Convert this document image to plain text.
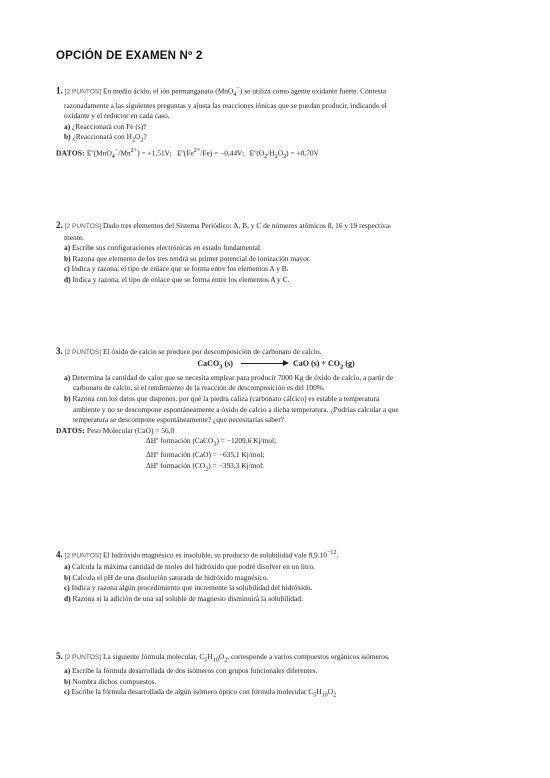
OPCIÓN DE EXAMEN Nº 2

1. [2 PUNTOS] En medio ácido, el ión permanganato (MnO$_4$−) se utiliza como agente oxidante fuerte. Contesta

razonadamente a las siguientes preguntas y ajusta las reacciones iónicas que se puedan producir, indicando el

oxidante y el reductor en cada caso.

a) ¿Reaccionará con Fe (s)?

b) ¿Reaccionará con $H_2O_2$?

DATOS: $Eº(MnO_4^-/Mn^{2+}) = +1,51V$; $Eº(Fe^{2+}/Fe) = -0,44V$; $Eº(O_2/H_2O_2) = +0,70V$

2. [2 PUNTOS] Dado tres elementos del Sistema Periódico: A, B, y C de números atómicos 8, 16 y 19 respectiva-

mente.

a) Escribe sus configuraciones electrónicas en estado fundamental.

b) Razona que elemento de los tres tendrá su primer potencial de ionización mayor.

c) Indica y razona, el tipo de enlace que se forma entre los elementos A y B.

d) Indica y razona, el tipo de enlace que se forma entre los elementos A y C.

3. [2 PUNTOS] El óxido de calcio se produce por descomposición de carbonato de calcio.

CaCO$_3$ (s)	CaO $(s) + CO_2$ (g)

a) Determina la cantidad de calor que se necesita emplear para producir 7000 Kg de óxido de calcio, a partir de

carbonato de calcio, si el rendimiento de la reacción de descomposición es del 100%.

b) Razona con los datos que dispones, por qué la piedra caliza (carbonato cálcico) es estable a temperatura

ambiente y no se descompone espontáneamente a óxido de calcio a dicha temperatura. ¿Podrías calcular a que

temperatura se descompone espontáneamente? ¿que necesitarías saber?

DATOS: Peso Molecular (CaO) = 56,0

ΔHº formación (CaCO$_3$) = −1209,6 Kj/mol;

ΔHº formación (CaO) = −635,1 Kj/mol;

ΔHº formación $(CO_2) = -393,3$ Kj/mol.

4. [2 PUNTOS] El hidróxido magnésico es insoluble, su producto de solubilidad vale $8,9.10^{-12}$.

a) Calcula la máxima cantidad de moles del hidróxido que podré disolver en un litro.

b) Calcula el pH de una disolución saturada de hidróxido magnésico.

c) Indica y razona algún procedimiento que incremente la solubilidad del hidróxido.

d) Razona si la adición de una sal soluble de magnesio disminuirá la solubilidad.

5. [2 PUNTOS] La siguiente fórmula molecular, $C_5H_{10}O_2$, corresponde a varios compuestos orgánicos isómeros.

a) Escribe la fórmula desarrollada de dos isómeros con grupos funcionales diferentes.

b) Nombra dichos compuestos.

c) Escribe la fórmula desarrollada de algún isómero óptico con fórmula molecular $C_5H_{10}O_2$
